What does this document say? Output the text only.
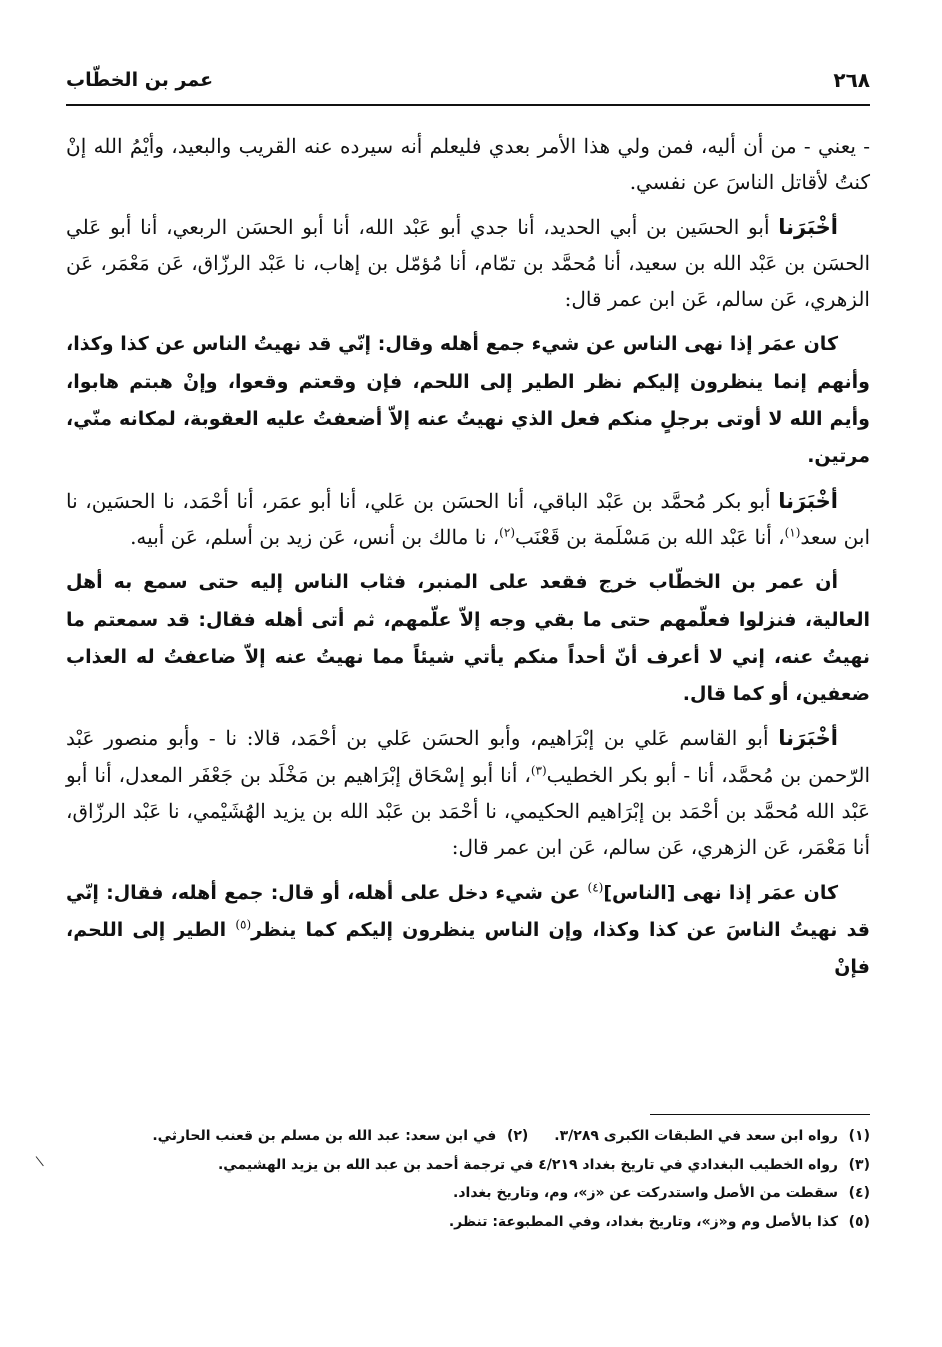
٢٦٨
عمر بن الخطّاب

- يعني - من أن أليه، فمن ولي هذا الأمر بعدي فليعلم أنه سيرده عنه القريب والبعيد، وأيْمُ الله إنْ كنتُ لأقاتل الناسَ عن نفسي.

أخْبَرَنا أبو الحسَين بن أبي الحديد، أنا جدي أبو عَبْد الله، أنا أبو الحسَن الربعي، أنا أبو عَلي الحسَن بن عَبْد الله بن سعيد، أنا مُحمَّد بن تمّام، أنا مُؤمّل بن إهاب، نا عَبْد الرزّاق، عَن مَعْمَر، عَن الزهري، عَن سالم، عَن ابن عمر قال:

كان عمَر إذا نهى الناس عن شيء جمع أهله وقال: إنّي قد نهيتُ الناس عن كذا وكذا، وأنهم إنما ينظرون إليكم نظر الطير إلى اللحم، فإن وقعتم وقعوا، وإنْ هبتم هابوا، وأيم الله لا أوتى برجلٍ منكم فعل الذي نهيتُ عنه إلاّ أضعفتُ عليه العقوبة، لمكانه منّي، مرتين.

أخْبَرَنا أبو بكر مُحمَّد بن عَبْد الباقي، أنا الحسَن بن عَلي، أنا أبو عمَر، أنا أحْمَد، نا الحسَين، نا ابن سعد$^{(١)}$، أنا عَبْد الله بن مَسْلَمة بن قَعْنَب$^{(٢)}$، نا مالك بن أنس، عَن زيد بن أسلم، عَن أبيه.

أن عمر بن الخطّاب خرج فقعد على المنبر، فثاب الناس إليه حتى سمع به أهل العالية، فنزلوا فعلّمهم حتى ما بقي وجه إلاّ علّمهم، ثم أتى أهله فقال: قد سمعتم ما نهيتُ عنه، إني لا أعرف أنّ أحداً منكم يأتي شيئاً مما نهيتُ عنه إلاّ ضاعفتُ له العذاب ضعفين، أو كما قال.

أخْبَرَنا أبو القاسم عَلي بن إبْرَاهيم، وأبو الحسَن عَلي بن أحْمَد، قالا: نا - وأبو منصور عَبْد الرّحمن بن مُحمَّد، أنا - أبو بكر الخطيب$^{(٣)}$، أنا أبو إسْحَاق إبْرَاهيم بن مَخْلَد بن جَعْفَر المعدل، أنا أبو عَبْد الله مُحمَّد بن أحْمَد بن إبْرَاهيم الحكيمي، نا أحْمَد بن عَبْد الله بن يزيد الهُشَيْمي، نا عَبْد الرزّاق، أنا مَعْمَر، عَن الزهري، عَن سالم، عَن ابن عمر قال:

كان عمَر إذا نهى [الناس]$^{(٤)}$ عن شيء دخل على أهله، أو قال: جمع أهله، فقال: إنّي قد نهيتُ الناسَ عن كذا وكذا، وإن الناس ينظرون إليكم كما ينظر$^{(٥)}$ الطير إلى اللحم، فإنْ

(١)
رواه ابن سعد في الطبقات الكبرى ٣/٢٨٩.
(٢)
في ابن سعد: عبد الله بن مسلم بن قعنب الحارثي.
(٣)
رواه الخطيب البغدادي في تاريخ بغداد ٤/٢١٩ في ترجمة أحمد بن عبد الله بن يزيد الهشيمي.
(٤)
سقطت من الأصل واستدركت عن «ز»، وم، وتاريخ بغداد.
(٥)
كذا بالأصل وم و«ز»، وتاريخ بغداد، وفي المطبوعة: تنظر.
